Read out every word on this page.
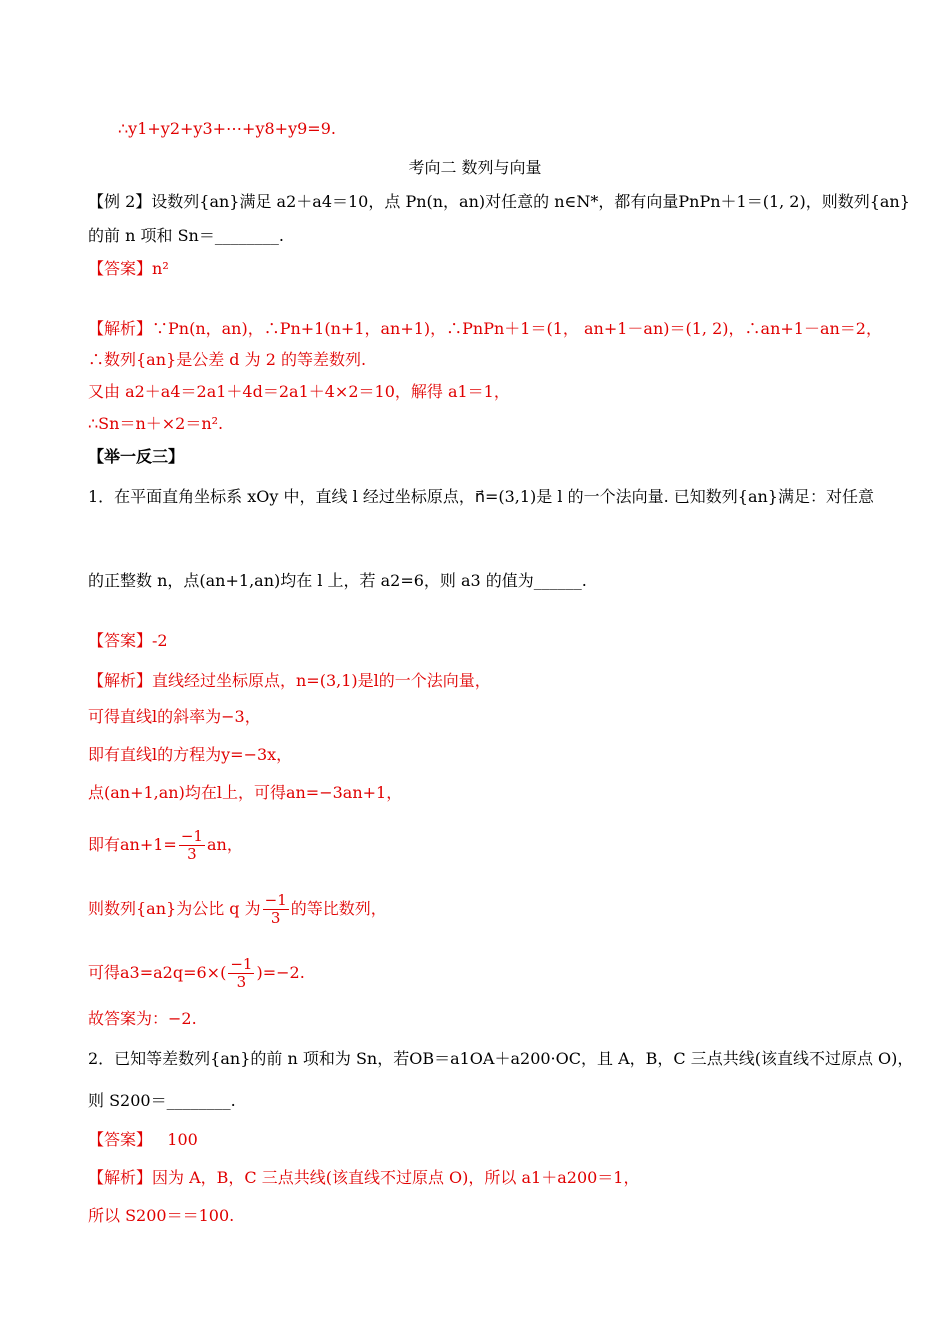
∴y1+y2+y3+⋯+y8+y9=9.
考向二 数列与向量
【例 2】设数列{an}满足 a2＋a4＝10，点 Pn(n，an)对任意的 n∈N*，都有向量PnPn＋1＝(1, 2)，则数列{an}
的前 n 项和 Sn＝________.
【答案】n²
【解析】∵Pn(n，an)，∴Pn+1(n+1，an+1)，∴PnPn＋1＝(1， an+1－an)＝(1, 2)，∴an+1－an＝2，
∴数列{an}是公差 d 为 2 的等差数列.
又由 a2＋a4＝2a1＋4d＝2a1＋4×2＝10，解得 a1＝1，
∴Sn＝n＋×2＝n².
【举一反三】
1．在平面直角坐标系 xOy 中，直线 l 经过坐标原点，n⃗=(3,1)是 l 的一个法向量. 已知数列{an}满足：对任意
的正整数 n，点(an+1,an)均在 l 上，若 a2=6，则 a3 的值为______.
【答案】-2
【解析】直线经过坐标原点，n=(3,1)是l的一个法向量，
可得直线l的斜率为−3，
即有直线l的方程为y=−3x，
点(an+1,an)均在l上，可得an=−3an+1，
即有$an+1= \frac{-1}{3}$ an，
则数列{an}为公比 q 为 $\frac{-1}{3}$ 的等比数列，
可得$a3=a2q=6\times( \frac{-1}{3} )=-2$.
故答案为：−2.
2．已知等差数列{an}的前 n 项和为 Sn，若OB＝a1OA＋a200·OC，且 A，B，C 三点共线(该直线不过原点 O)，
则 S200＝________.
【答案】 100
【解析】因为 A，B，C 三点共线(该直线不过原点 O)，所以 a1＋a200＝1，
所以 S200＝＝100.
